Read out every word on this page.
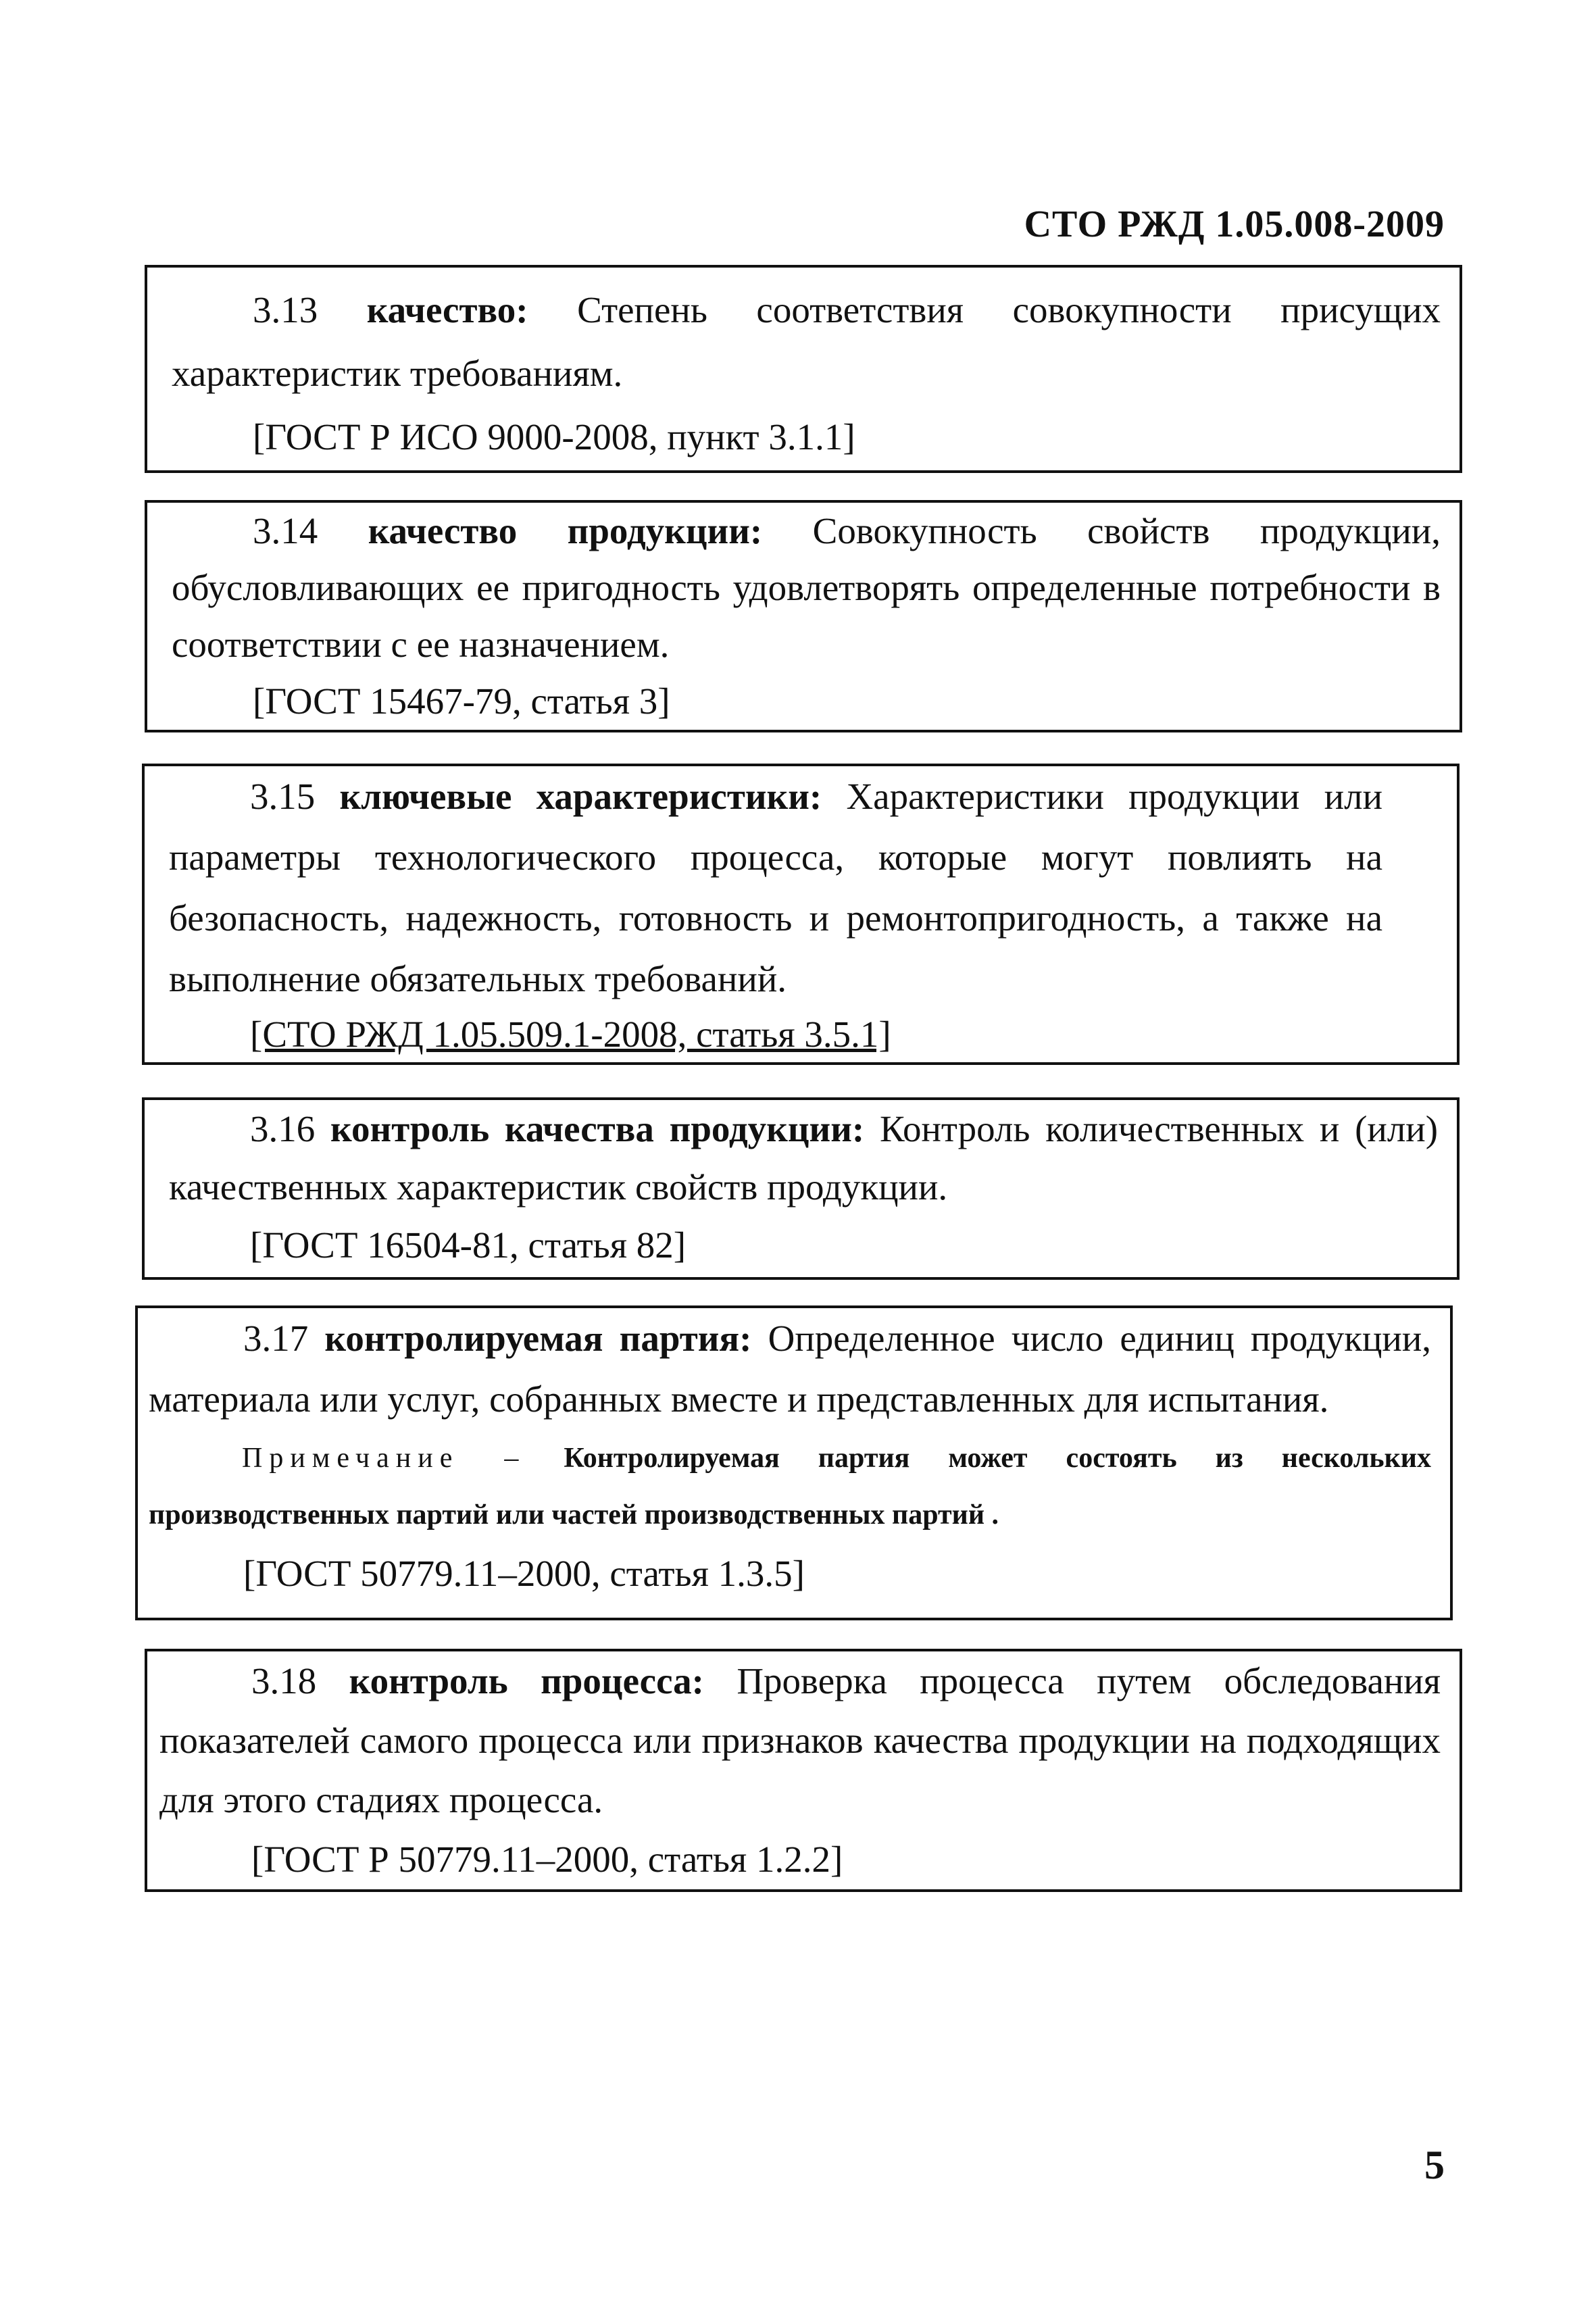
СТО РЖД 1.05.008-2009

3.13 качество: Степень соответствия совокупности присущих характеристик требованиям.

[ГОСТ Р ИСО 9000-2008, пункт 3.1.1]

3.14 качество продукции: Совокупность свойств продукции, обусловливающих ее пригодность удовлетворять определенные потребности в соответствии с ее назначением.

[ГОСТ 15467-79, статья 3]

3.15 ключевые характеристики: Характеристики продукции или параметры технологического процесса, которые могут повлиять на безопасность, надежность, готовность и ремонтопригодность, а также на выполнение обязательных требований.

[СТО РЖД 1.05.509.1-2008, статья 3.5.1]

3.16 контроль качества продукции: Контроль количественных и (или) качественных характеристик свойств продукции.

[ГОСТ 16504-81, статья 82]

3.17 контролируемая партия: Определенное число единиц продукции, материала или услуг, собранных вместе и представленных для испытания.

Примечание – Контролируемая партия может состоять из нескольких производственных партий или частей производственных партий .

[ГОСТ 50779.11–2000, статья 1.3.5]

3.18 контроль процесса: Проверка процесса путем обследования показателей самого процесса или признаков качества продукции на подходящих для этого стадиях процесса.

[ГОСТ Р 50779.11–2000, статья 1.2.2]

5
